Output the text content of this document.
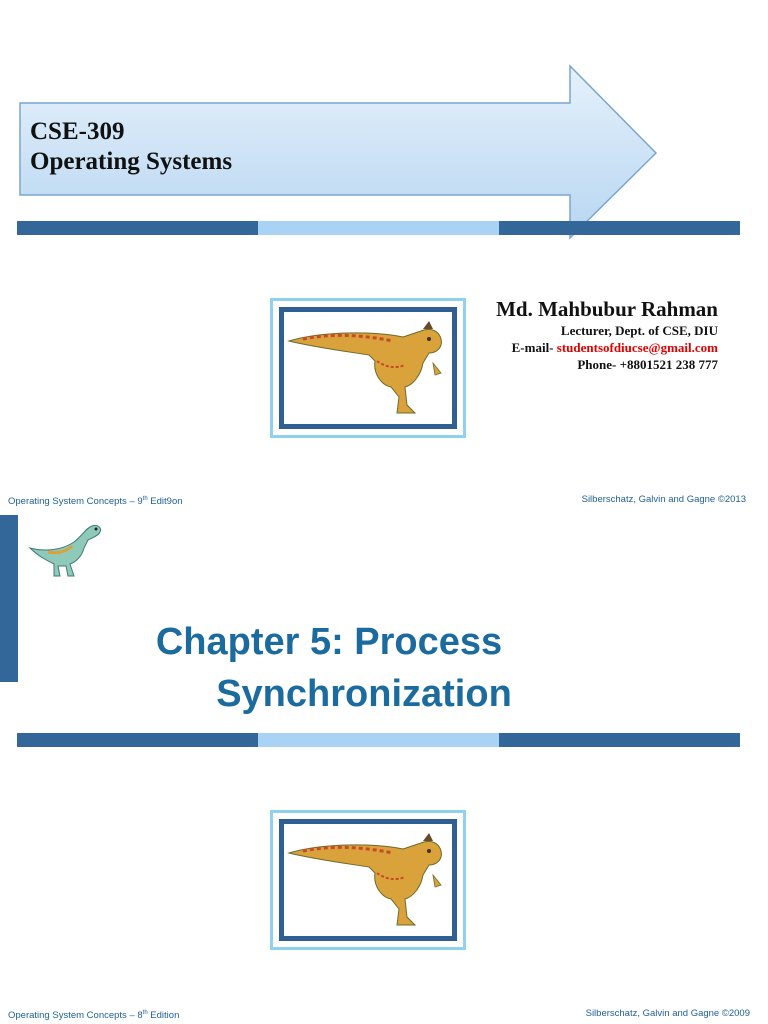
CSE-309
Operating Systems
Md. Mahbubur Rahman
Lecturer, Dept. of CSE, DIU
E-mail- studentsofdiucse@gmail.com
Phone- +8801521 238 777
Operating System Concepts – 9th Edit9on	Silberschatz, Galvin and Gagne ©2013
Chapter 5: Process
Synchronization
Operating System Concepts – 8th Edition	Silberschatz, Galvin and Gagne ©2009
